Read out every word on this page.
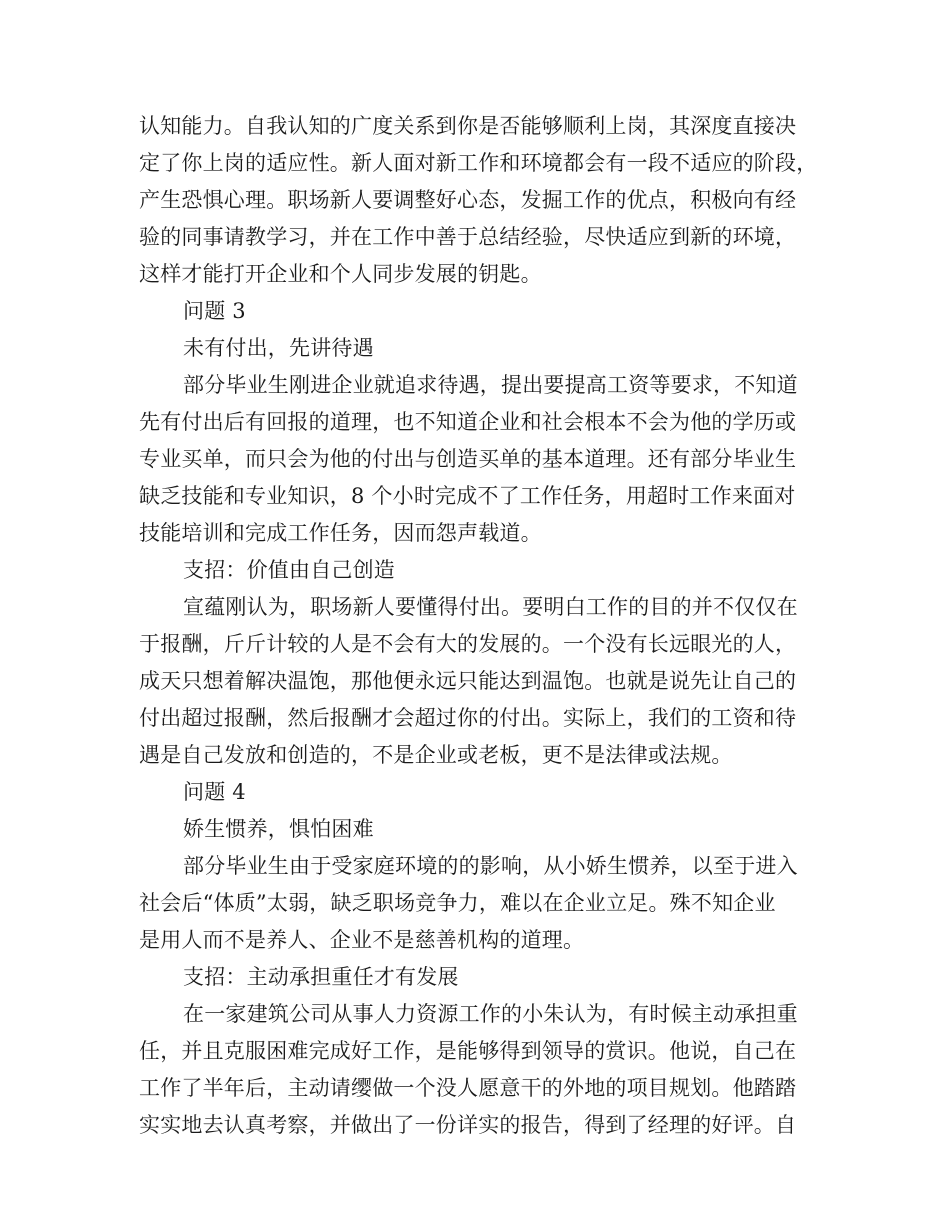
认知能力。自我认知的广度关系到你是否能够顺利上岗，其深度直接决
定了你上岗的适应性。新人面对新工作和环境都会有一段不适应的阶段，
产生恐惧心理。职场新人要调整好心态，发掘工作的优点，积极向有经
验的同事请教学习，并在工作中善于总结经验，尽快适应到新的环境，
这样才能打开企业和个人同步发展的钥匙。
问题 3
未有付出，先讲待遇
部分毕业生刚进企业就追求待遇，提出要提高工资等要求，不知道
先有付出后有回报的道理，也不知道企业和社会根本不会为他的学历或
专业买单，而只会为他的付出与创造买单的基本道理。还有部分毕业生
缺乏技能和专业知识，8 个小时完成不了工作任务，用超时工作来面对
技能培训和完成工作任务，因而怨声载道。
支招：价值由自己创造
宣蕴刚认为，职场新人要懂得付出。要明白工作的目的并不仅仅在
于报酬，斤斤计较的人是不会有大的发展的。一个没有长远眼光的人，
成天只想着解决温饱，那他便永远只能达到温饱。也就是说先让自己的
付出超过报酬，然后报酬才会超过你的付出。实际上，我们的工资和待
遇是自己发放和创造的，不是企业或老板，更不是法律或法规。
问题 4
娇生惯养，惧怕困难
部分毕业生由于受家庭环境的的影响，从小娇生惯养，以至于进入
社会后“体质”太弱，缺乏职场竞争力，难以在企业立足。殊不知企业
是用人而不是养人、企业不是慈善机构的道理。
支招：主动承担重任才有发展
在一家建筑公司从事人力资源工作的小朱认为，有时候主动承担重
任，并且克服困难完成好工作，是能够得到领导的赏识。他说，自己在
工作了半年后，主动请缨做一个没人愿意干的外地的项目规划。他踏踏
实实地去认真考察，并做出了一份详实的报告，得到了经理的好评。自
